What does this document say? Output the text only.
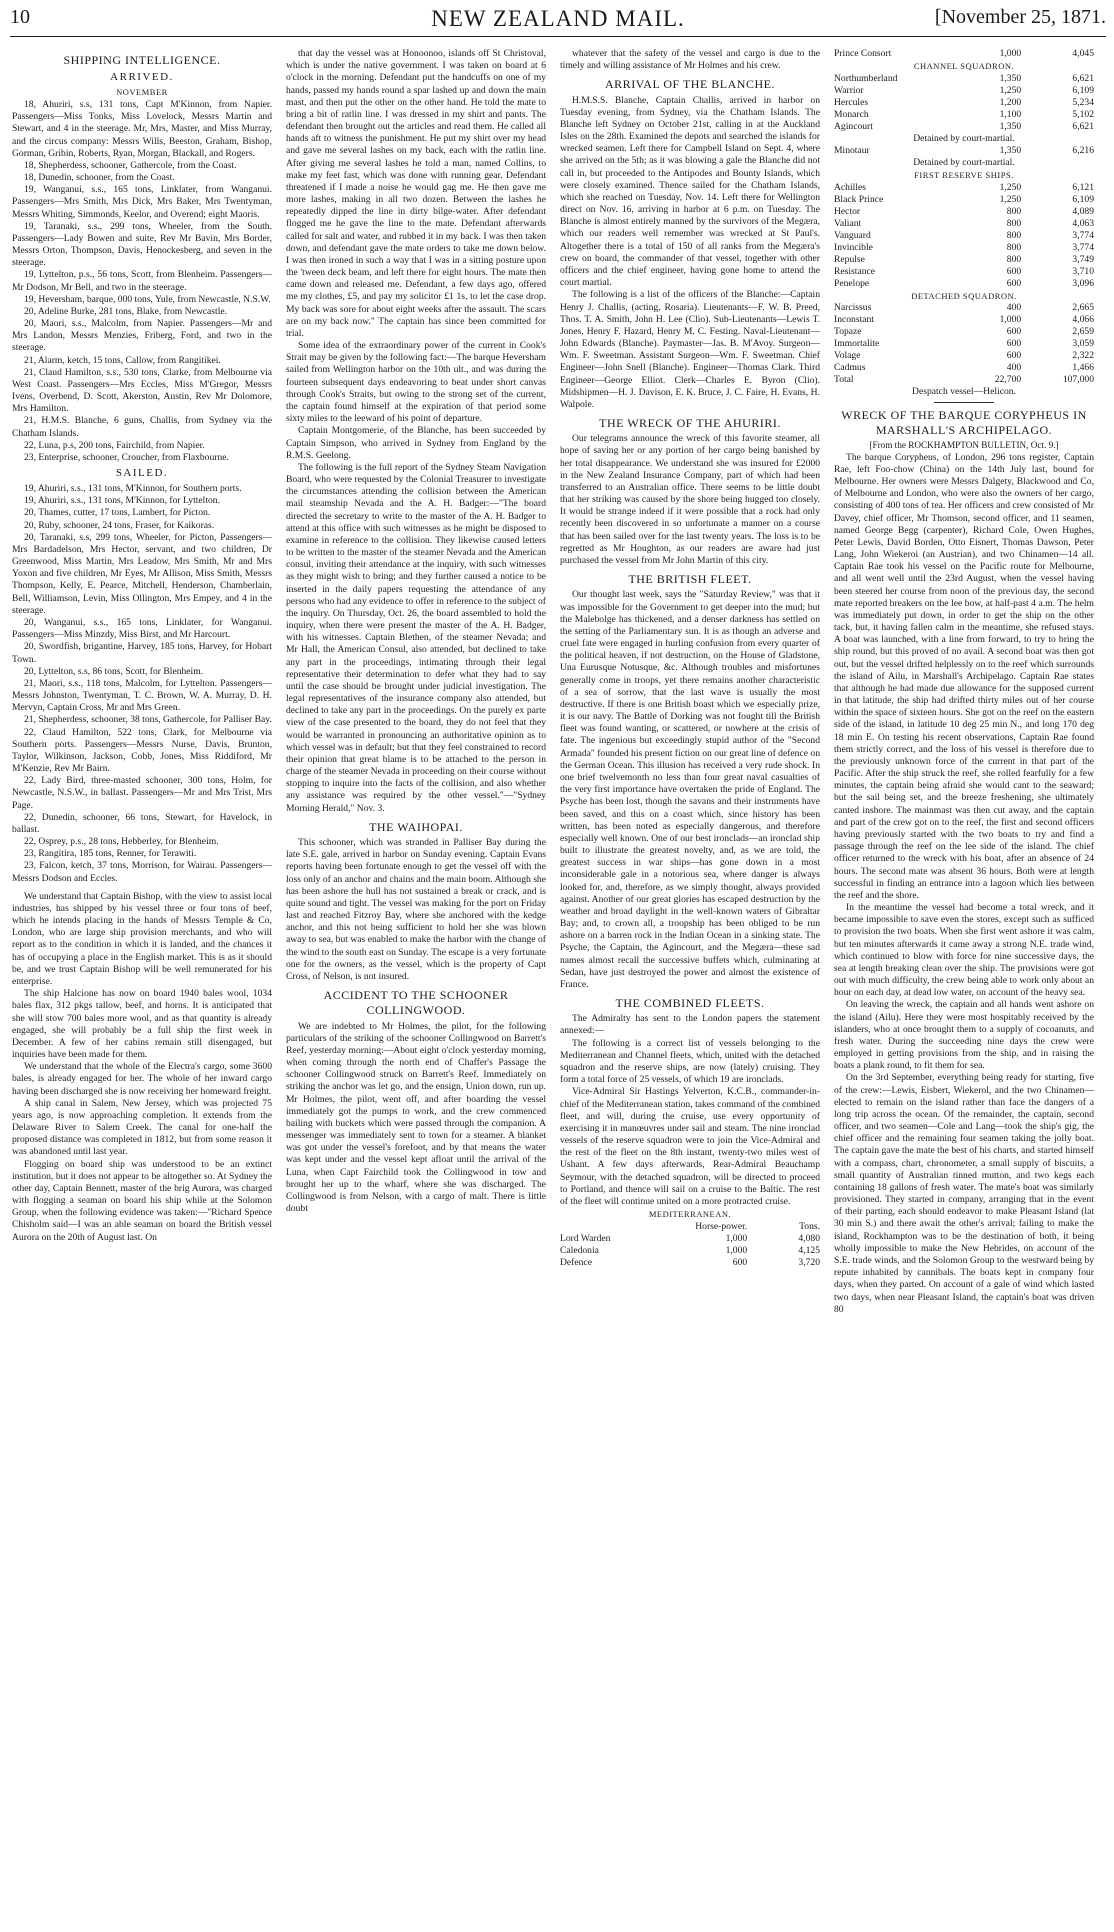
10	NEW ZEALAND MAIL.	[November 25, 1871.
SHIPPING INTELLIGENCE.
ARRIVED.
NOVEMBER

18, Ahuriri, s.s, 131 tons, Capt M'Kinnon, from Napier. Passengers—Miss Tonks, Miss Lovelock, Messrs Martin and Stewart, and 4 in the steerage. Mr, Mrs, Master, and Miss Murray, and the circus company: Messrs Wills, Beeston, Graham, Bishop, Gorman, Gribin, Roberts, Ryan, Morgan, Blackall, and Rogers.

18, Shepherdess, schooner, Gathercole, from the Coast.

18, Dunedin, schooner, from the Coast.

19, Wanganui, s.s., 165 tons, Linklater, from Wanganui. Passengers—Mrs Smith, Mrs Dick, Mrs Baker, Mrs Twentyman, Messrs Whiting, Simmonds, Keelor, and Overend; eight Maoris.

19, Taranaki, s.s., 299 tons, Wheeler, from the South. Passengers—Lady Bowen and suite, Rev Mr Bavin, Mrs Border, Messrs Orton, Thompson, Davis, Henockesberg, and seven in the steerage.

19, Lyttelton, p.s., 56 tons, Scott, from Blenheim. Passengers—Mr Dodson, Mr Bell, and two in the steerage.

19, Heversham, barque, 000 tons, Yule, from Newcastle, N.S.W.

20, Adeline Burke, 281 tons, Blake, from Newcastle.

20, Maori, s.s., Malcolm, from Napier. Passengers—Mr and Mrs Landon, Messrs Menzies, Friberg, Ford, and two in the steerage.

21, Alarm, ketch, 15 tons, Callow, from Rangitikei.

21, Claud Hamilton, s.s., 530 tons, Clarke, from Melbourne via West Coast. Passengers—Mrs Eccles, Miss M'Gregor, Messrs Ivens, Overbend, D. Scott, Akerston, Austin, Rev Mr Dolomore, Mrs Hamilton.

21, H.M.S. Blanche, 6 guns, Challis, from Sydney via the Chatham Islands.

22, Luna, p.s, 200 tons, Fairchild, from Napier.

23, Enterprise, schooner, Croucher, from Flaxbourne.

SAILED.

19, Ahuriri, s.s., 131 tons, M'Kinnon, for Southern ports.

19, Ahuriri, s.s., 131 tons, M'Kinnon, for Lyttelton.

20, Thames, cutter, 17 tons, Lambert, for Picton.

20, Ruby, schooner, 24 tons, Fraser, for Kaikoras.

20, Taranaki, s.s, 299 tons, Wheeler, for Picton, Passengers—Mrs Bardadelson, Mrs Hector, servant, and two children, Dr Greenwood, Miss Martin, Mrs Leadow, Mrs Smith, Mr and Mrs Yoxon and five children, Mr Eyes, Mr Allison, Miss Smith, Messrs Thompson, Kelly, E. Pearce, Mitchell, Henderson, Chamberlain, Bell, Williamson, Levin, Miss Ollington, Mrs Empey, and 4 in the steerage.

20, Wanganui, s.s., 165 tons, Linklater, for Wanganui. Passengers—Miss Minzdy, Miss Birst, and Mr Harcourt.

20, Swordfish, brigantine, Harvey, 185 tons, Harvey, for Hobart Town.

20, Lyttelton, s.s, 86 tons, Scott, for Blenheim.

21, Maori, s.s., 118 tons, Malcolm, for Lyttelton. Passengers—Messrs Johnston, Twentyman, T. C. Brown, W. A. Murray, D. H. Mervyn, Captain Cross, Mr and Mrs Green.

21, Shepherdess, schooner, 38 tons, Gathercole, for Palliser Bay.

22, Claud Hamilton, 522 tons, Clark, for Melbourne via Southern ports. Passengers—Messrs Nurse, Davis, Brunton, Taylor, Wilkinson, Jackson, Cobb, Jones, Miss Riddiford, Mr M'Kenzie, Rev Mr Bairn.

22, Lady Bird, three-masted schooner, 300 tons, Holm, for Newcastle, N.S.W., in ballast. Passengers—Mr and Mrs Trist, Mrs Page.

22, Dunedin, schooner, 66 tons, Stewart, for Havelock, in ballast.

22, Osprey, p.s., 28 tons, Hebberley, for Blenheim.

23, Rangitira, 185 tons, Renner, for Terawiti.

23, Falcon, ketch, 37 tons, Morrison, for Wairau. Passengers—Messrs Dodson and Eccles.

We understand that Captain Bishop, with the view to assist local industries, has shipped by his vessel three or four tons of beef, which he intends placing in the hands of Messrs Temple & Co, London, who are large ship provision merchants, and who will report as to the condition in which it is landed, and the chances it has of occupying a place in the English market. This is as it should be, and we trust Captain Bishop will be well remunerated for his enterprise.

The ship Halcione has now on board 1940 bales wool, 1034 bales flax, 312 pkgs tallow, beef, and horns. It is anticipated that she will stow 700 bales more wool, and as that quantity is already engaged, she will probably be a full ship the first week in December. A few of her cabins remain still disengaged, but inquiries have been made for them.

We understand that the whole of the Electra's cargo, some 3600 bales, is already engaged for her. The whole of her inward cargo having been discharged she is now receiving her homeward freight.

A ship canal in Salem, New Jersey, which was projected 75 years ago, is now approaching completion. It extends from the Delaware River to Salem Creek. The canal for one-half the proposed distance was completed in 1812, but from some reason it was abandoned until last year.

Flogging on board ship was understood to be an extinct institution, but it does not appear to be altogether so. At Sydney the other day, Captain Bennett, master of the brig Aurora, was charged with flogging a seaman on board his ship while at the Solomon Group, when the following evidence was taken:—"Richard Spence Chisholm said—I was an able seaman on board the British vessel Aurora on the 20th of August last. On

that day the vessel was at Honoonoo, islands off St Christoval, which is under the native government. I was taken on board at 6 o'clock in the morning. Defendant put the handcuffs on one of my hands, passed my hands round a spar lashed up and down the main mast, and then put the other on the other hand. He told the mate to bring a bit of ratlin line. I was dressed in my shirt and pants. The defendant then brought out the articles and read them. He called all hands aft to witness the punishment. He put my shirt over my head and gave me several lashes on my back, each with the ratlin line. After giving me several lashes he told a man, named Collins, to make my feet fast, which was done with running gear. Defendant threatened if I made a noise he would gag me. He then gave me more lashes, making in all two dozen. Between the lashes he repeatedly dipped the line in dirty bilge-water. After defendant flogged me he gave the line to the mate. Defendant afterwards called for salt and water, and rubbed it in my back. I was then taken down, and defendant gave the mate orders to take me down below. I was then ironed in such a way that I was in a sitting posture upon the 'tween deck beam, and left there for eight hours. The mate then came down and released me. Defendant, a few days ago, offered me my clothes, £5, and pay my solicitor £1 1s, to let the case drop. My back was sore for about eight weeks after the assault. The scars are on my back now." The captain has since been committed for trial.

Some idea of the extraordinary power of the current in Cook's Strait may be given by the following fact:—The barque Heversham sailed from Wellington harbor on the 10th ult., and was during the fourteen subsequent days endeavoring to beat under short canvas through Cook's Straits, but owing to the strong set of the current, the captain found himself at the expiration of that period some sixty miles to the leeward of his point of departure.

Captain Montgomerie, of the Blanche, has been succeeded by Captain Simpson, who arrived in Sydney from England by the R.M.S. Geelong.

The following is the full report of the Sydney Steam Navigation Board, who were requested by the Colonial Treasurer to investigate the circumstances attending the collision between the American mail steamship Nevada and the A. H. Badger:—"The board directed the secretary to write to the master of the A. H. Badger to attend at this office with such witnesses as he might be disposed to examine in reference to the collision. They likewise caused letters to be written to the master of the steamer Nevada and the American consul, inviting their attendance at the inquiry, with such witnesses as they might wish to bring; and they further caused a notice to be inserted in the daily papers requesting the attendance of any persons who had any evidence to offer in reference to the subject of the inquiry. On Thursday, Oct. 26, the board assembled to hold the inquiry, when there were present the master of the A. H. Badger, with his witnesses. Captain Blethen, of the steamer Nevada; and Mr Hall, the American Consul, also attended, but declined to take any part in the proceedings, intimating through their legal representative their determination to defer what they had to say until the case should be brought under judicial investigation. The legal representatives of the insurance company also attended, but declined to take any part in the proceedings. On the purely ex parte view of the case presented to the board, they do not feel that they would be warranted in pronouncing an authoritative opinion as to which vessel was in default; but that they feel constrained to record their opinion that great blame is to be attached to the person in charge of the steamer Nevada in proceeding on their course without stopping to inquire into the facts of the collision, and also whether any assistance was required by the other vessel."—"Sydney Morning Herald," Nov. 3.

THE WAIHOPAI.

This schooner, which was stranded in Palliser Bay during the late S.E. gale, arrived in harbor on Sunday evening. Captain Evans reports having been fortunate enough to get the vessel off with the loss only of an anchor and chains and the main boom. Although she has been ashore the hull has not sustained a break or crack, and is quite sound and tight. The vessel was making for the port on Friday last and reached Fitzroy Bay, where she anchored with the kedge anchor, and this not being sufficient to hold her she was blown away to sea, but was enabled to make the harbor with the change of the wind to the south east on Sunday. The escape is a very fortunate one for the owners, as the vessel, which is the property of Capt Cross, of Nelson, is not insured.

ACCIDENT TO THE SCHOONER COLLINGWOOD.

We are indebted to Mr Holmes, the pilot, for the following particulars of the striking of the schooner Collingwood on Barrett's Reef, yesterday morning:—About eight o'clock yesterday morning, when coming through the north end of Chaffer's Passage the schooner Collingwood struck on Barrett's Reef. Immediately on striking the anchor was let go, and the ensign, Union down, run up. Mr Holmes, the pilot, went off, and after boarding the vessel immediately got the pumps to work, and the crew commenced bailing with buckets which were passed through the companion. A messenger was immediately sent to town for a steamer. A blanket was got under the vessel's forefoot, and by that means the water was kept under and the vessel kept afloat until the arrival of the Luna, when Capt Fairchild took the Collingwood in tow and brought her up to the wharf, where she was discharged. The Collingwood is from Nelson, with a cargo of malt. There is little doubt

whatever that the safety of the vessel and cargo is due to the timely and willing assistance of Mr Holmes and his crew.

ARRIVAL OF THE BLANCHE.

H.M.S.S. Blanche, Captain Challis, arrived in harbor on Tuesday evening, from Sydney, via the Chatham Islands. The Blanche left Sydney on October 21st, calling in at the Auckland Isles on the 28th. Examined the depots and searched the islands for wrecked seamen. Left there for Campbell Island on Sept. 4, where she arrived on the 5th; as it was blowing a gale the Blanche did not call in, but proceeded to the Antipodes and Bounty Islands, which were closely examined. Thence sailed for the Chatham Islands, which she reached on Tuesday, Nov. 14. Left there for Wellington direct on Nov. 16, arriving in harbor at 6 p.m. on Tuesday. The Blanche is almost entirely manned by the survivors of the Megæra, which our readers well remember was wrecked at St Paul's. Altogether there is a total of 150 of all ranks from the Megæra's crew on board, the commander of that vessel, together with other officers and the chief engineer, having gone home to attend the court martial.

The following is a list of the officers of the Blanche:—Captain Henry J. Challis, (acting, Rosaria). Lieutenants—F. W. B. Preed, Thos. T. A. Smith, John H. Lee (Clio). Sub-Lieutenants—Lewis T. Jones, Henry F. Hazard, Henry M. C. Festing. Naval-Lieutenant—John Edwards (Blanche). Paymaster—Jas. B. M'Avoy. Surgeon—Wm. F. Sweetman. Assistant Surgeon—Wm. F. Sweetman. Chief Engineer—John Snell (Blanche). Engineer—Thomas Clark. Third Engineer—George Elliot. Clerk—Charles E. Byron (Clio). Midshipmen—H. J. Davison, E. K. Bruce, J. C. Faire, H. Evans, H. Walpole.

THE WRECK OF THE AHURIRI.

Our telegrams announce the wreck of this favorite steamer, all hope of saving her or any portion of her cargo being banished by her total disappearance. We understand she was insured for £2000 in the New Zealand Insurance Company, part of which had been transferred to an Australian office. There seems to be little doubt that her striking was caused by the shore being hugged too closely. It would be strange indeed if it were possible that a rock had only recently been discovered in so unfortunate a manner on a course that has been sailed over for the last twenty years. The loss is to be regretted as Mr Houghton, as our readers are aware had just purchased the vessel from Mr John Martin of this city.

THE BRITISH FLEET.

Our thought last week, says the "Saturday Review," was that it was impossible for the Government to get deeper into the mud; but the Malebolge has thickened, and a denser darkness has settled on the setting of the Parliamentary sun. It is as though an adverse and cruel fate were engaged in hurling confusion from every quarter of the political heaven, if not destruction, on the House of Gladstone, Una Eurusque Notusque, &c. Although troubles and misfortunes generally come in troops, yet there remains another characteristic of a sea of sorrow, that the last wave is usually the most destructive. If there is one British boast which we especially prize, it is our navy. The Battle of Dorking was not fought till the British fleet was found wanting, or scattered, or nowhere at the crisis of fate. The ingenious but exceedingly stupid author of the "Second Armada" founded his present fiction on our great line of defence on the German Ocean. This illusion has received a very rude shock. In one brief twelvemonth no less than four great naval casualties of the very first importance have overtaken the pride of England. The Psyche has been lost, though the savans and their instruments have been saved, and this on a coast which, since history has been written, has been noted as especially dangerous, and therefore especially well known. One of our best ironclads—an ironclad ship built to illustrate the greatest novelty, and, as we are told, the greatest success in war ships—has gone down in a most inconsiderable gale in a notorious sea, where danger is always looked for, and, therefore, as we simply thought, always provided against. Another of our great glories has escaped destruction by the weather and broad daylight in the well-known waters of Gibraltar Bay; and, to crown all, a troopship has been obliged to be run ashore on a barren rock in the Indian Ocean in a sinking state. The Psyche, the Captain, the Agincourt, and the Megæra—these sad names almost recall the successive buffets which, culminating at Sedan, have just destroyed the power and almost the existence of France.

THE COMBINED FLEETS.

The Admiralty has sent to the London papers the statement annexed:—

The following is a correct list of vessels belonging to the Mediterranean and Channel fleets, which, united with the detached squadron and the reserve ships, are now (lately) cruising. They form a total force of 25 vessels, of which 19 are ironclads.

Vice-Admiral Sir Hastings Yelverton, K.C.B., commander-in-chief of the Mediterranean station, takes command of the combined fleet, and will, during the cruise, use every opportunity of exercising it in manœuvres under sail and steam. The nine ironclad vessels of the reserve squadron were to join the Vice-Admiral and the rest of the fleet on the 8th instant, twenty-two miles west of Ushant. A few days afterwards, Rear-Admiral Beauchamp Seymour, with the detached squadron, will be directed to proceed to Portland, and thence will sail on a cruise to the Baltic. The rest of the fleet will continue united on a more protracted cruise.

MEDITERRANEAN.
	Horse-power.	Tons.
Lord Warden	1,000	4,080
Caledonia	1,000	4,125
Defence	600	3,720
Prince Consort	1,000	4,045
CHANNEL SQUADRON.
Northumberland	1,350	6,621
Warrior	1,250	6,109
Hercules	1,200	5,234
Monarch	1,100	5,102
Agincourt	1,350	6,621
Detained by court-martial.
Minotaur	1,350	6,216
Detained by court-martial.
FIRST RESERVE SHIPS.
Achilles	1,250	6,121
Black Prince	1,250	6,109
Hector	800	4,089
Valiant	800	4,063
Vanguard	800	3,774
Invincible	800	3,774
Repulse	800	3,749
Resistance	600	3,710
Penelope	600	3,096
DETACHED SQUADRON.
Narcissus	400	2,665
Inconstant	1,000	4,066
Topaze	600	2,659
Immortalite	600	3,059
Volage	600	2,322
Cadmus	400	1,466
Total	22,700	107,000
Despatch vessel—Helicon.
WRECK OF THE BARQUE CORYPHEUS IN MARSHALL'S ARCHIPELAGO.
[From the ROCKHAMPTON BULLETIN, Oct. 9.]

The barque Corypheus, of London, 296 tons register, Captain Rae, left Foo-chow (China) on the 14th July last, bound for Melbourne. Her owners were Messrs Dalgety, Blackwood and Co, of Melbourne and London, who were also the owners of her cargo, consisting of 400 tons of tea. Her officers and crew consisted of Mr Davey, chief officer, Mr Thomson, second officer, and 11 seamen, named George Begg (carpenter), Richard Cole, Owen Hughes, Peter Lewis, David Borden, Otto Eisnert, Thomas Dawson, Peter Lang, John Wiekeroi (an Austrian), and two Chinamen—14 all. Captain Rae took his vessel on the Pacific route for Melbourne, and all went well until the 23rd August, when the vessel having been steered her course from noon of the previous day, the second mate reported breakers on the lee bow, at half-past 4 a.m. The helm was immediately put down, in order to get the ship on the other tack, but, it having fallen calm in the meantime, she refused stays. A boat was launched, with a line from forward, to try to bring the ship round, but this proved of no avail. A second boat was then got out, but the vessel drifted helplessly on to the reef which surrounds the island of Ailu, in Marshall's Archipelago. Captain Rae states that although he had made due allowance for the supposed current in that latitude, the ship had drifted thirty miles out of her course within the space of sixteen hours. She got on the reef on the eastern side of the island, in latitude 10 deg 25 min N., and long 170 deg 18 min E. On testing his recent observations, Captain Rae found them strictly correct, and the loss of his vessel is therefore due to the previously unknown force of the current in that part of the Pacific. After the ship struck the reef, she rolled fearfully for a few minutes, the captain being afraid she would cant to the seaward; but the sail being set, and the breeze freshening, she ultimately canted inshore. The mainmast was then cut away, and the captain and part of the crew got on to the reef, the first and second officers having previously started with the two boats to try and find a passage through the reef on the lee side of the island. The chief officer returned to the wreck with his boat, after an absence of 24 hours. The second mate was absent 36 hours. Both were at length successful in finding an entrance into a lagoon which lies between the reef and the shore.

In the meantime the vessel had become a total wreck, and it became impossible to save even the stores, except such as sufficed to provision the two boats. When she first went ashore it was calm, but ten minutes afterwards it came away a strong N.E. trade wind, which continued to blow with force for nine successive days, the sea at length breaking clean over the ship. The provisions were got out with much difficulty, the crew being able to work only about an hour on each day, at dead low water, on account of the heavy sea.

On leaving the wreck, the captain and all hands went ashore on the island (Ailu). Here they were most hospitably received by the islanders, who at once brought them to a supply of cocoanuts, and fresh water. During the succeeding nine days the crew were employed in getting provisions from the ship, and in raising the boats a plank round, to fit them for sea.

On the 3rd September, everything being ready for starting, five of the crew:—Lewis, Eisbert, Wiekerol, and the two Chinamen—elected to remain on the island rather than face the dangers of a long trip across the ocean. Of the remainder, the captain, second officer, and two seamen—Cole and Lang—took the ship's gig, the chief officer and the remaining four seamen taking the jolly boat. The captain gave the mate the best of his charts, and started himself with a compass, chart, chronometer, a small supply of biscuits, a small quantity of Australian tinned mutton, and two kegs each containing 18 gallons of fresh water. The mate's boat was similarly provisioned. They started in company, arranging that in the event of their parting, each should endeavor to make Pleasant Island (lat 30 min S.) and there await the other's arrival; failing to make the island, Rockhampton was to be the destination of both, it being wholly impossible to make the New Hebrides, on account of the S.E. trade winds, and the Solomon Group to the westward being by repute inhabited by cannibals. The boats kept in company four days, when they parted. On account of a gale of wind which lasted two days, when near Pleasant Island, the captain's boat was driven 80
